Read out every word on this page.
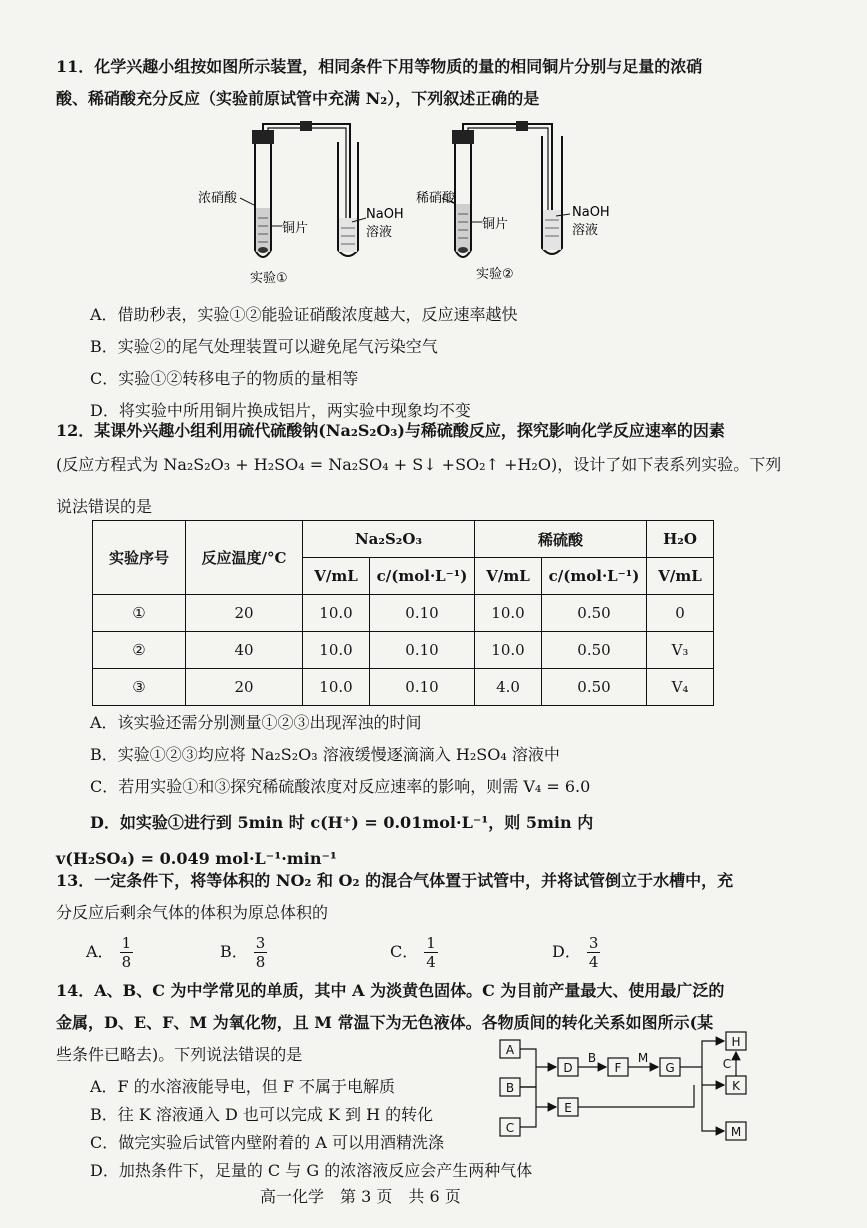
11．化学兴趣小组按如图所示装置，相同条件下用等物质的量的相同铜片分别与足量的浓硝
酸、稀硝酸充分反应（实验前原试管中充满 N₂），下列叙述正确的是
浓硝酸
铜片
NaOH
溶液
实验①
稀硝酸
铜片
NaOH
溶液
实验②
A．借助秒表，实验①②能验证硝酸浓度越大，反应速率越快
B．实验②的尾气处理装置可以避免尾气污染空气
C．实验①②转移电子的物质的量相等
D．将实验中所用铜片换成铝片，两实验中现象均不变
12．某课外兴趣小组利用硫代硫酸钠(Na₂S₂O₃)与稀硫酸反应，探究影响化学反应速率的因素
(反应方程式为 Na₂S₂O₃ + H₂SO₄ = Na₂SO₄ + S↓ +SO₂↑ +H₂O)，设计了如下表系列实验。下列
说法错误的是
实验序号	反应温度/°C	Na₂S₂O₃		稀硫酸		H₂O
		V/mL	c/(mol·L⁻¹)	V/mL	c/(mol·L⁻¹)	V/mL
①	20	10.0	0.10	10.0	0.50	0
②	40	10.0	0.10	10.0	0.50	V₃
③	20	10.0	0.10	4.0	0.50	V₄
A．该实验还需分别测量①②③出现浑浊的时间
B．实验①②③均应将 Na₂S₂O₃ 溶液缓慢逐滴滴入 H₂SO₄ 溶液中
C．若用实验①和③探究稀硫酸浓度对反应速率的影响，则需 V₄ = 6.0
D．如实验①进行到 5min 时 c(H⁺) = 0.01mol·L⁻¹，则 5min 内
v(H₂SO₄) = 0.049 mol·L⁻¹·min⁻¹
13．一定条件下，将等体积的 NO₂ 和 O₂ 的混合气体置于试管中，并将试管倒立于水槽中，充
分反应后剩余气体的体积为原总体积的
A． $\frac{1}{8}$	B． $\frac{3}{8}$	C． $\frac{1}{4}$	D． $\frac{3}{4}$
14．A、B、C 为中学常见的单质，其中 A 为淡黄色固体。C 为目前产量最大、使用最广泛的
金属，D、E、F、M 为氧化物，且 M 常温下为无色液体。各物质间的转化关系如图所示(某
些条件已略去)。下列说法错误的是
A．F 的水溶液能导电，但 F 不属于电解质
B．往 K 溶液通入 D 也可以完成 K 到 H 的转化
C．做完实验后试管内壁附着的 A 可以用酒精洗涤
D．加热条件下，足量的 C 与 G 的浓溶液反应会产生两种气体
A
B
C
D
E
F	G
H
K
M
B	M	C
高一化学　第 3 页　共 6 页
